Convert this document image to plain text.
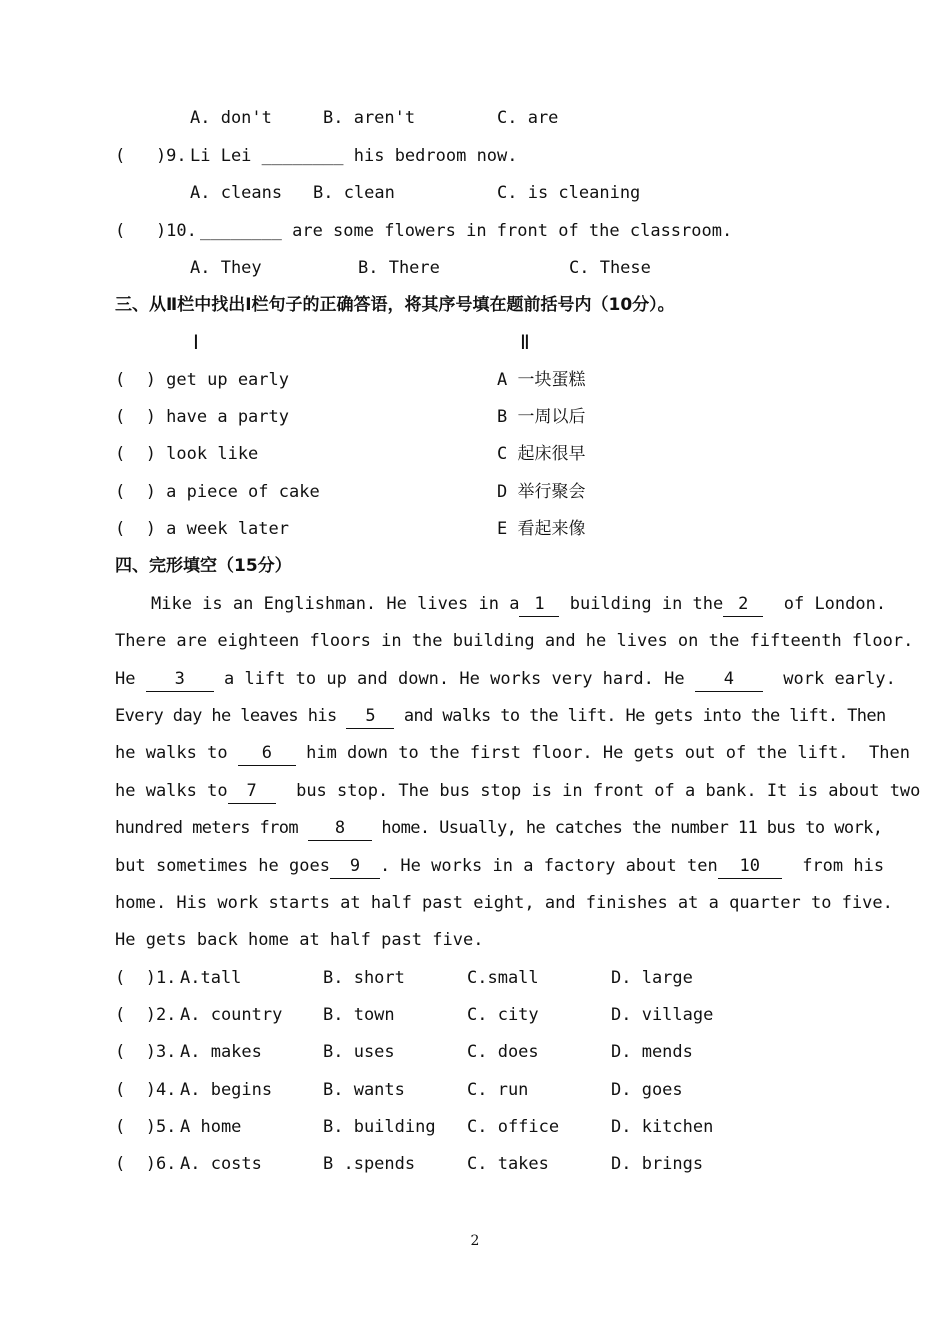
A. don't	B. aren't	C. are
(   )9. Li Lei ________ his bedroom now.
A. cleans B. clean	C. is cleaning
(   )10. ________ are some flowers in front of the classroom.
A. They	B. There	C. These
三、从Ⅱ栏中找出Ⅰ栏句子的正确答语，将其序号填在题前括号内（10分）。
Ⅰ	Ⅱ
(  ) get up early	A 一块蛋糕
(  ) have a party	B 一周以后
(  ) look like	C 起床很早
(  ) a piece of cake	D 举行聚会
(  ) a week later	E 看起来像
四、完形填空（15分）
Mike is an Englishman. He lives in a 1 building in the 2 of London.
There are eighteen floors in the building and he lives on the fifteenth floor.
He 3 a lift to up and down. He works very hard. He 4	work early.
Every day he leaves his 5 and walks to the lift. He gets into the lift. Then
he walks to 6 him down to the first floor. He gets out of the lift.  Then
he walks to 7 bus stop. The bus stop is in front of a bank. It is about two
hundred meters from 8 home. Usually, he catches the number 11 bus to work,
but sometimes he goes 9 . He works in a factory about ten 10 from his
home. His work starts at half past eight, and finishes at a quarter to five.
He gets back home at half past five.
(  )1. A.tall	B. short	C.small	D. large
(  )2. A. country B. town	C. city	D. village
(  )3. A. makes	B. uses	C. does	D. mends
(  )4. A. begins	B. wants	C. run	D. goes
(  )5. A home	B. building C. office	D. kitchen
(  )6. A. costs	B .spends	C. takes	D. brings
2
